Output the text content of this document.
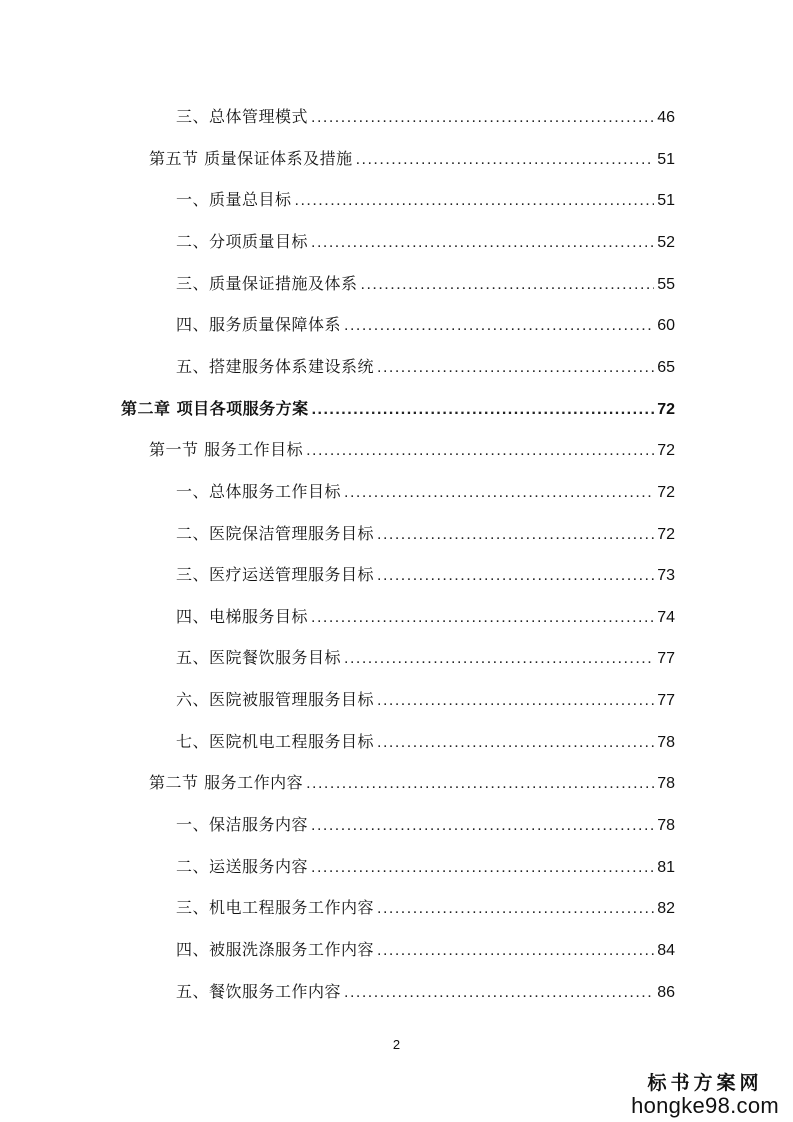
三、总体管理模式 .....	46
第五节 质量保证体系及措施 .....	51
一、质量总目标 .....	51
二、分项质量目标 .....	52
三、质量保证措施及体系 .....	55
四、服务质量保障体系 .....	60
五、搭建服务体系建设系统 .....	65
第二章 项目各项服务方案 .....	72
第一节 服务工作目标 .....	72
一、总体服务工作目标 .....	72
二、医院保洁管理服务目标 .....	72
三、医疗运送管理服务目标 .....	73
四、电梯服务目标 .....	74
五、医院餐饮服务目标 .....	77
六、医院被服管理服务目标 .....	77
七、医院机电工程服务目标 .....	78
第二节 服务工作内容 .....	78
一、保洁服务内容 .....	78
二、运送服务内容 .....	81
三、机电工程服务工作内容 .....	82
四、被服洗涤服务工作内容 .....	84
五、餐饮服务工作内容 .....	86
2
标书方案网
hongke98.com
